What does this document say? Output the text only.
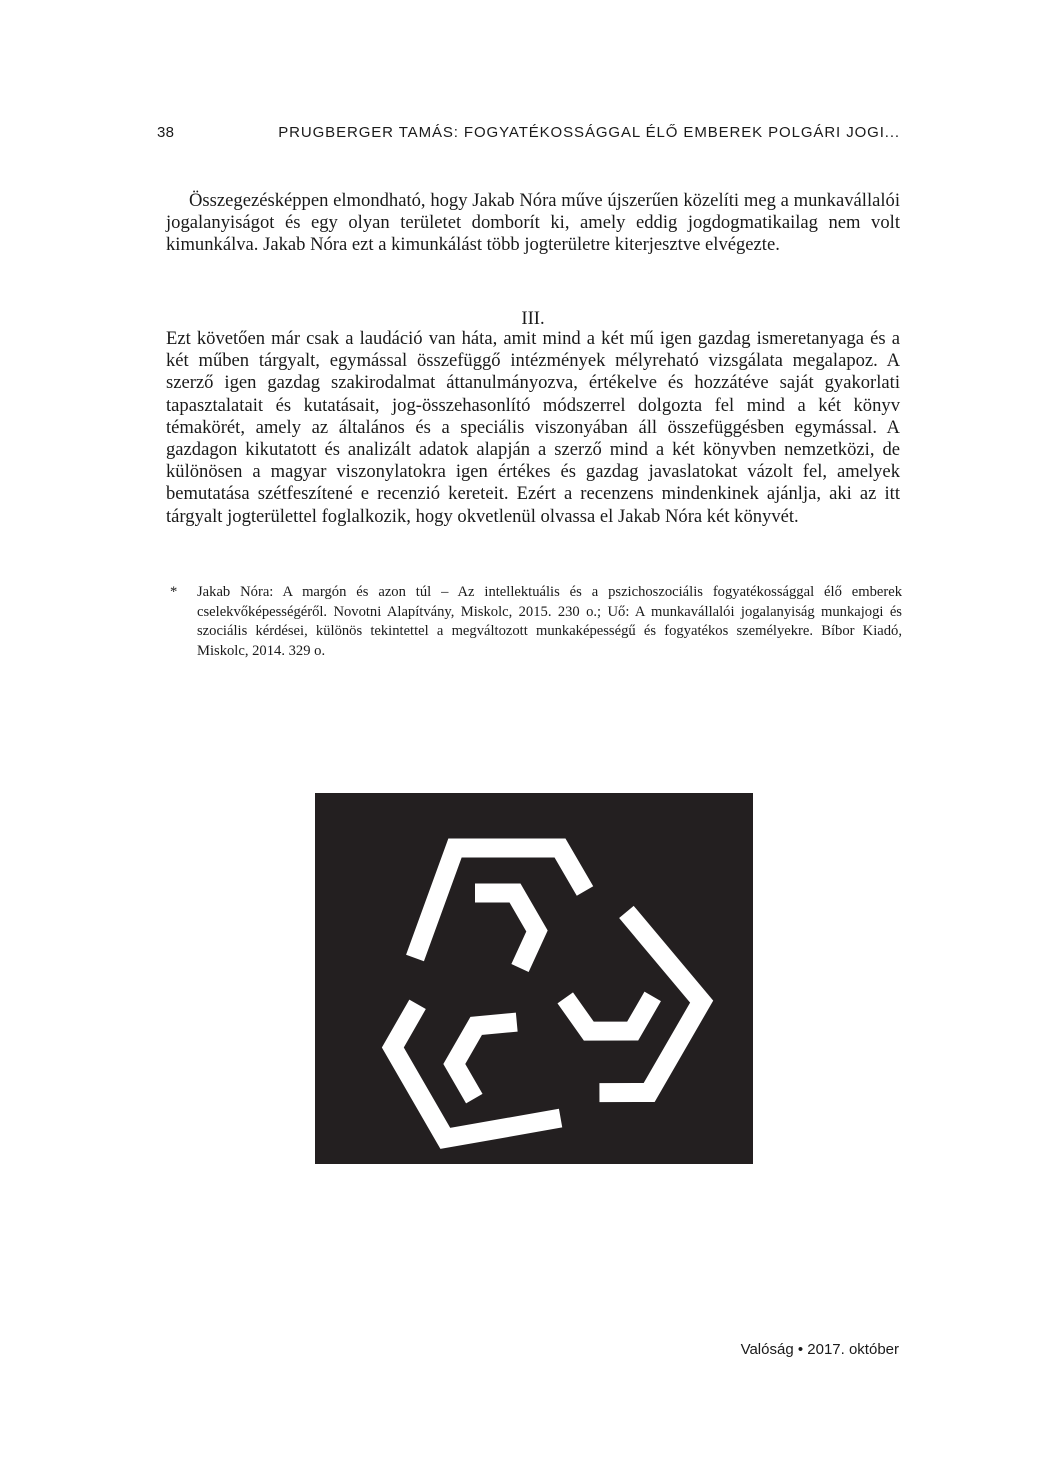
38	PRUGBERGER TAMÁS: FOGYATÉKOSSÁGGAL ÉLŐ EMBEREK POLGÁRI JOGI...
Összegezésképpen elmondható, hogy Jakab Nóra műve újszerűen közelíti meg a munkavállalói jogalanyiságot és egy olyan területet domborít ki, amely eddig jogdogmatikailag nem volt kimunkálva. Jakab Nóra ezt a kimunkálást több jogterületre kiterjesztve elvégezte.
III.
Ezt követően már csak a laudáció van háta, amit mind a két mű igen gazdag ismeretanyaga és a két műben tárgyalt, egymással összefüggő intézmények mélyreható vizsgálata megalapoz. A szerző igen gazdag szakirodalmat áttanulmányozva, értékelve és hozzátéve saját gyakorlati tapasztalatait és kutatásait, jog-összehasonlító módszerrel dolgozta fel mind a két könyv témakörét, amely az általános és a speciális viszonyában áll összefüggésben egymással. A gazdagon kikutatott és analizált adatok alapján a szerző mind a két könyvben nemzetközi, de különösen a magyar viszonylatokra igen értékes és gazdag javaslatokat vázolt fel, amelyek bemutatása szétfeszítené e recenzió kereteit. Ezért a recenzens mindenkinek ajánlja, aki az itt tárgyalt jogterülettel foglalkozik, hogy okvetlenül olvassa el Jakab Nóra két könyvét.
* Jakab Nóra: A margón és azon túl – Az intellektuális és a pszichoszociális fogyatékossággal élő emberek cselekvőképességéről. Novotni Alapítvány, Miskolc, 2015. 230 o.; Uő: A munkavállalói jogalanyiság munkajogi és szociális kérdései, különös tekintettel a megváltozott munkaképességű és fogyatékos személyekre. Bíbor Kiadó, Miskolc, 2014. 329 o.
Valóság • 2017. október
